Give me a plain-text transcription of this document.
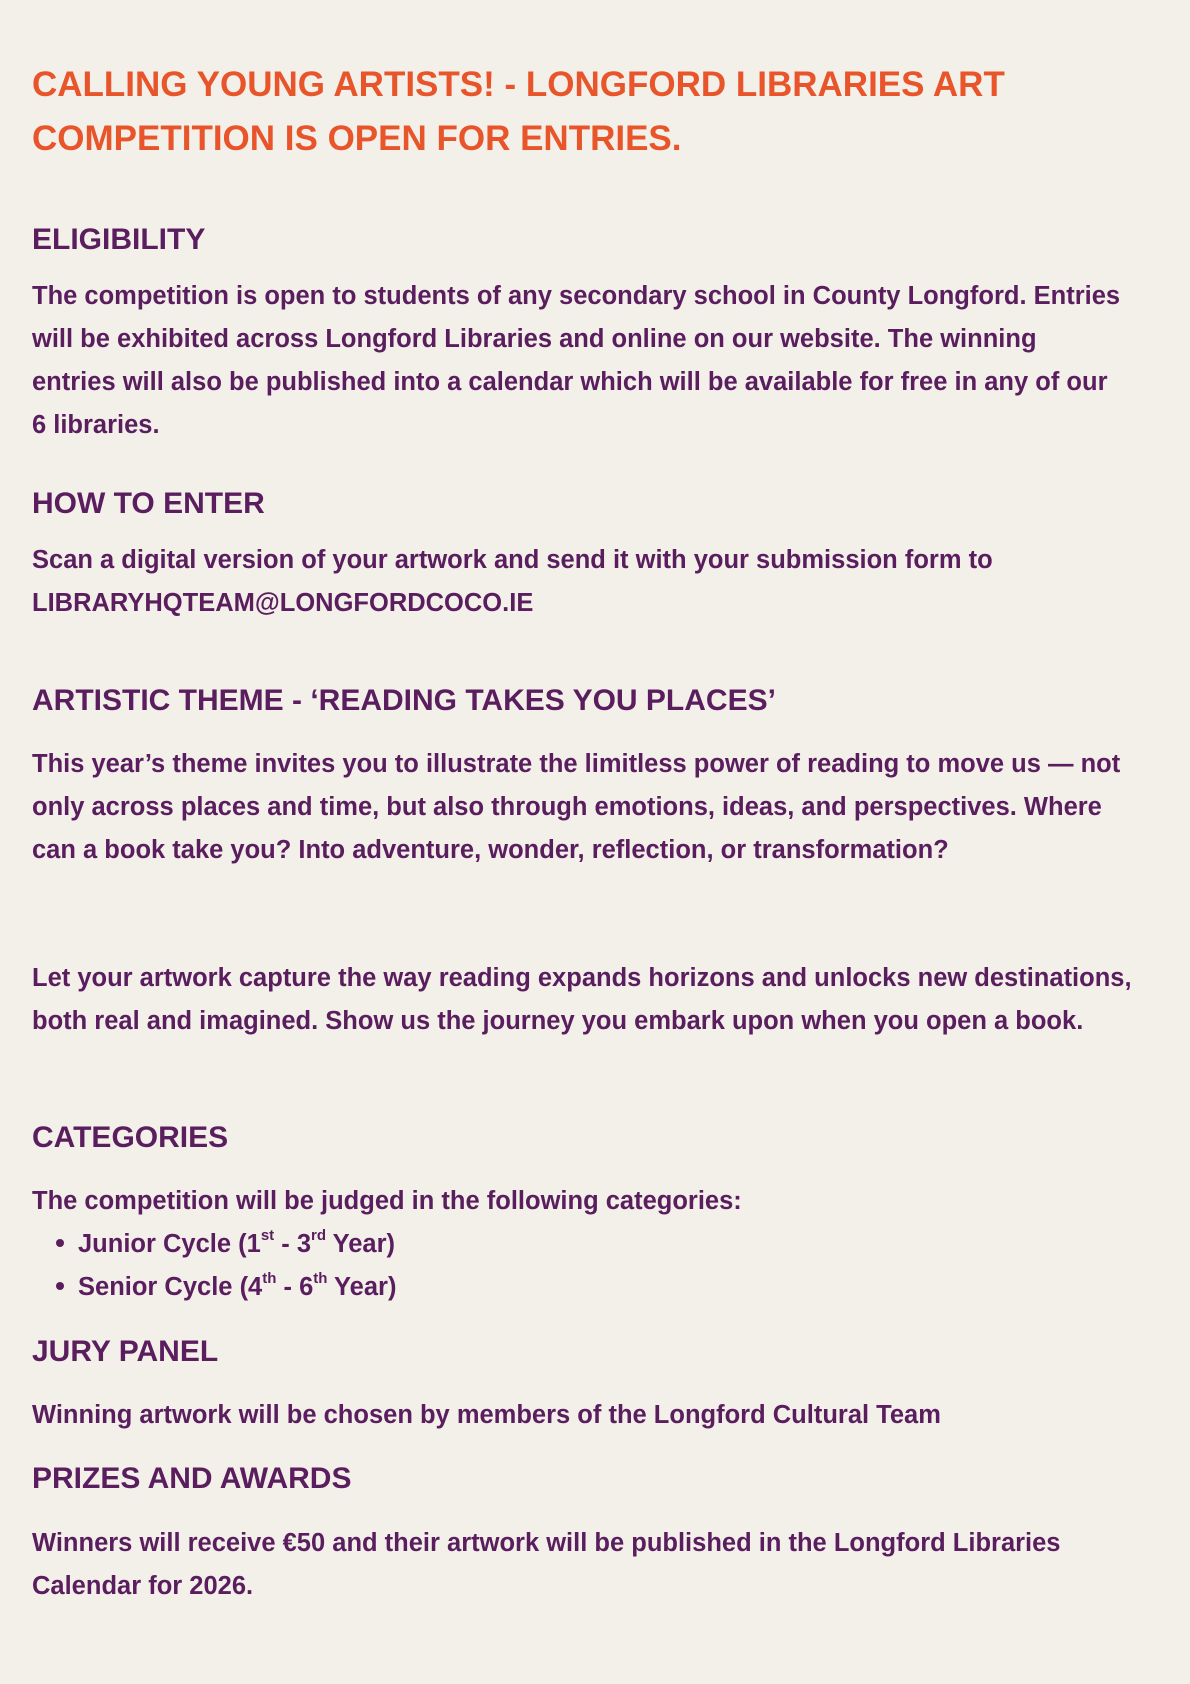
CALLING YOUNG ARTISTS! - LONGFORD LIBRARIES ART COMPETITION IS OPEN FOR ENTRIES.
ELIGIBILITY

The competition is open to students of any secondary school in County Longford. Entries will be exhibited across Longford Libraries and online on our website. The winning entries will also be published into a calendar which will be available for free in any of our 6 libraries.

HOW TO ENTER

Scan a digital version of your artwork and send it with your submission form to LIBRARYHQTEAM@LONGFORDCOCO.IE

ARTISTIC THEME - ‘READING TAKES YOU PLACES’

This year’s theme invites you to illustrate the limitless power of reading to move us — not only across places and time, but also through emotions, ideas, and perspectives. Where can a book take you? Into adventure, wonder, reflection, or transformation?

Let your artwork capture the way reading expands horizons and unlocks new destinations, both real and imagined. Show us the journey you embark upon when you open a book.

CATEGORIES

The competition will be judged in the following categories:

Junior Cycle (1st - 3rd Year)
Senior Cycle (4th - 6th Year)
JURY PANEL

Winning artwork will be chosen by members of the Longford Cultural Team

PRIZES AND AWARDS

Winners will receive €50 and their artwork will be published in the Longford Libraries Calendar for 2026.
